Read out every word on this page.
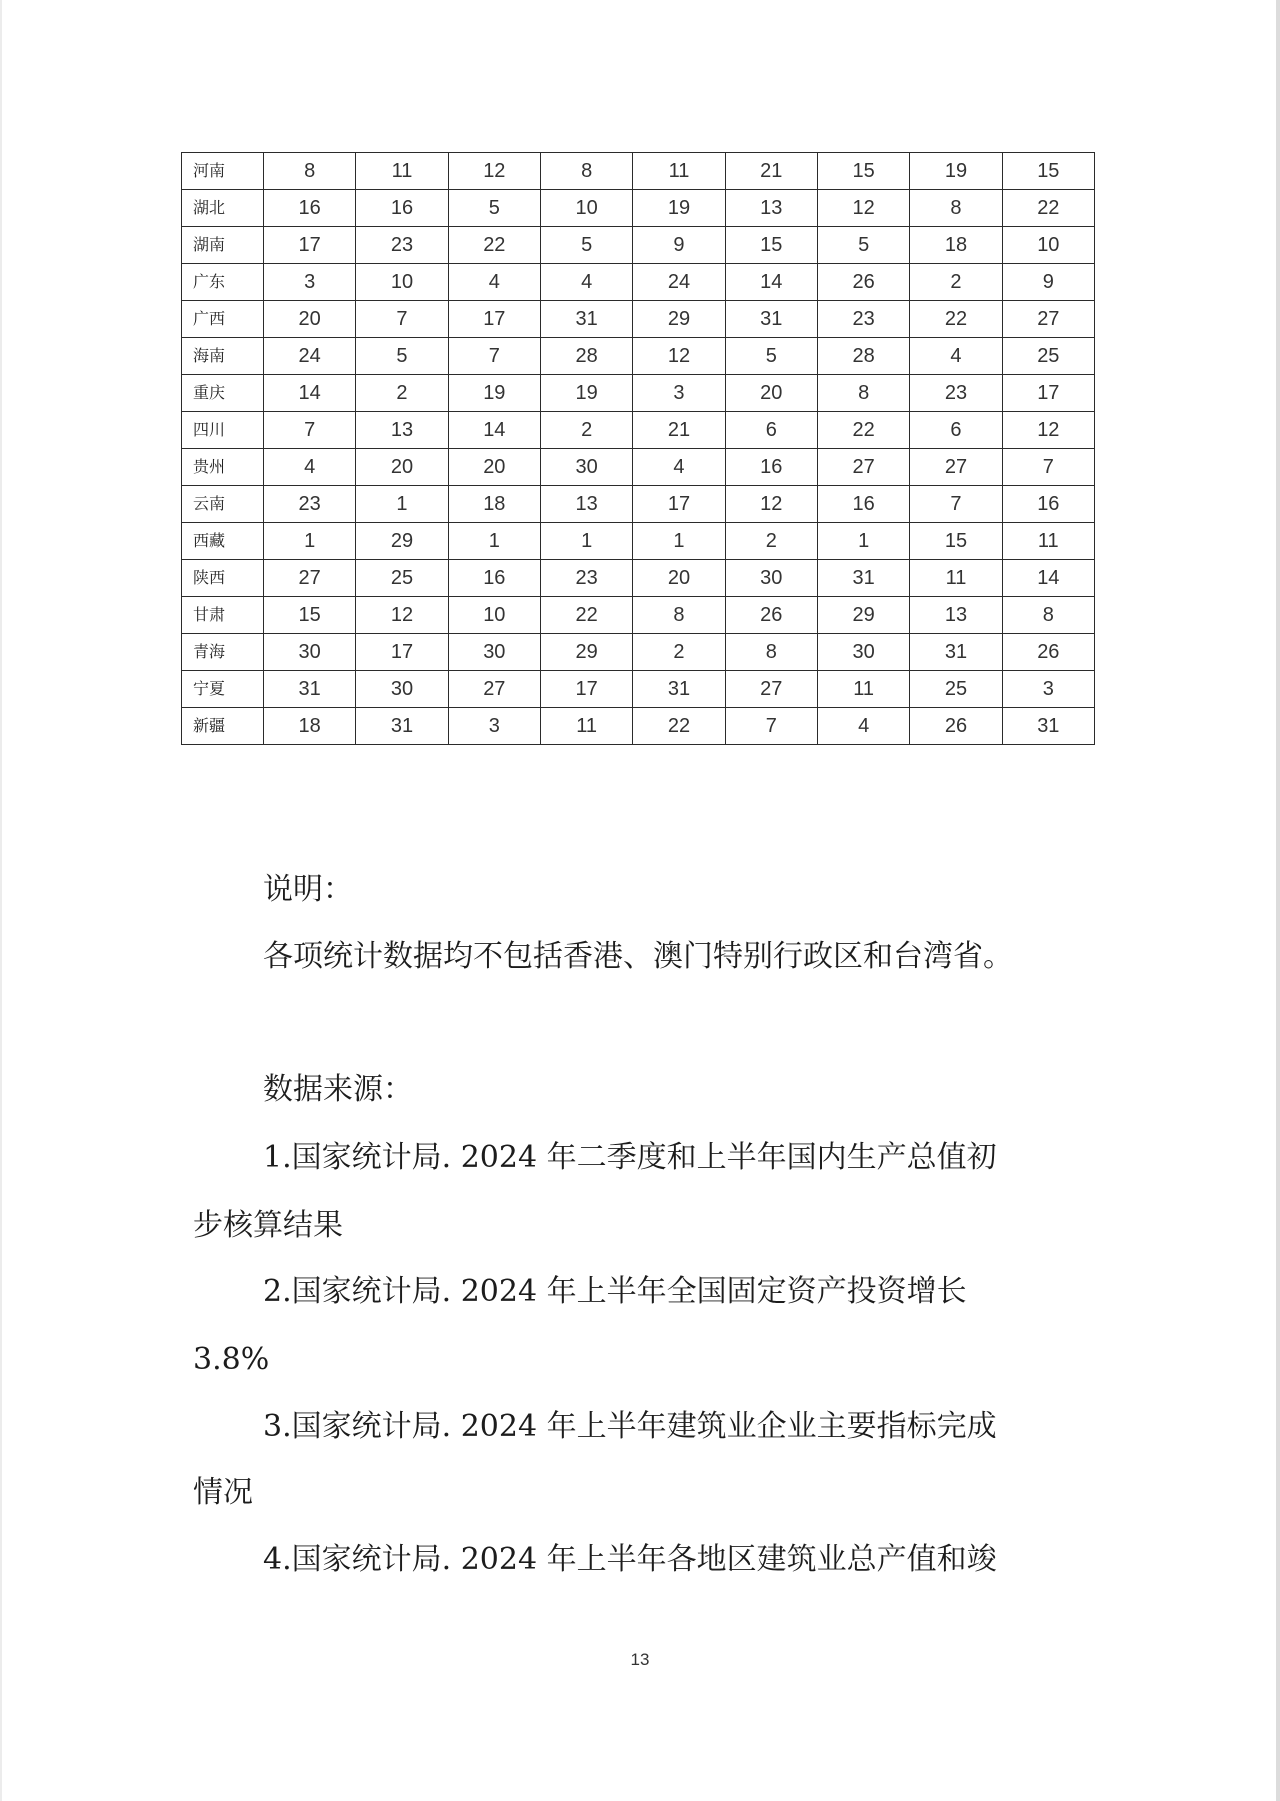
河南	8	11	12	8	11	21	15	19	15
湖北	16	16	5	10	19	13	12	8	22
湖南	17	23	22	5	9	15	5	18	10
广东	3	10	4	4	24	14	26	2	9
广西	20	7	17	31	29	31	23	22	27
海南	24	5	7	28	12	5	28	4	25
重庆	14	2	19	19	3	20	8	23	17
四川	7	13	14	2	21	6	22	6	12
贵州	4	20	20	30	4	16	27	27	7
云南	23	1	18	13	17	12	16	7	16
西藏	1	29	1	1	1	2	1	15	11
陕西	27	25	16	23	20	30	31	11	14
甘肃	15	12	10	22	8	26	29	13	8
青海	30	17	30	29	2	8	30	31	26
宁夏	31	30	27	17	31	27	11	25	3
新疆	18	31	3	11	22	7	4	26	31
说明：
各项统计数据均不包括香港、澳门特别行政区和台湾省。
数据来源：
1.国家统计局. 2024 年二季度和上半年国内生产总值初
步核算结果
2.国家统计局. 2024 年上半年全国固定资产投资增长
3.8%
3.国家统计局. 2024 年上半年建筑业企业主要指标完成
情况
4.国家统计局. 2024 年上半年各地区建筑业总产值和竣
13
